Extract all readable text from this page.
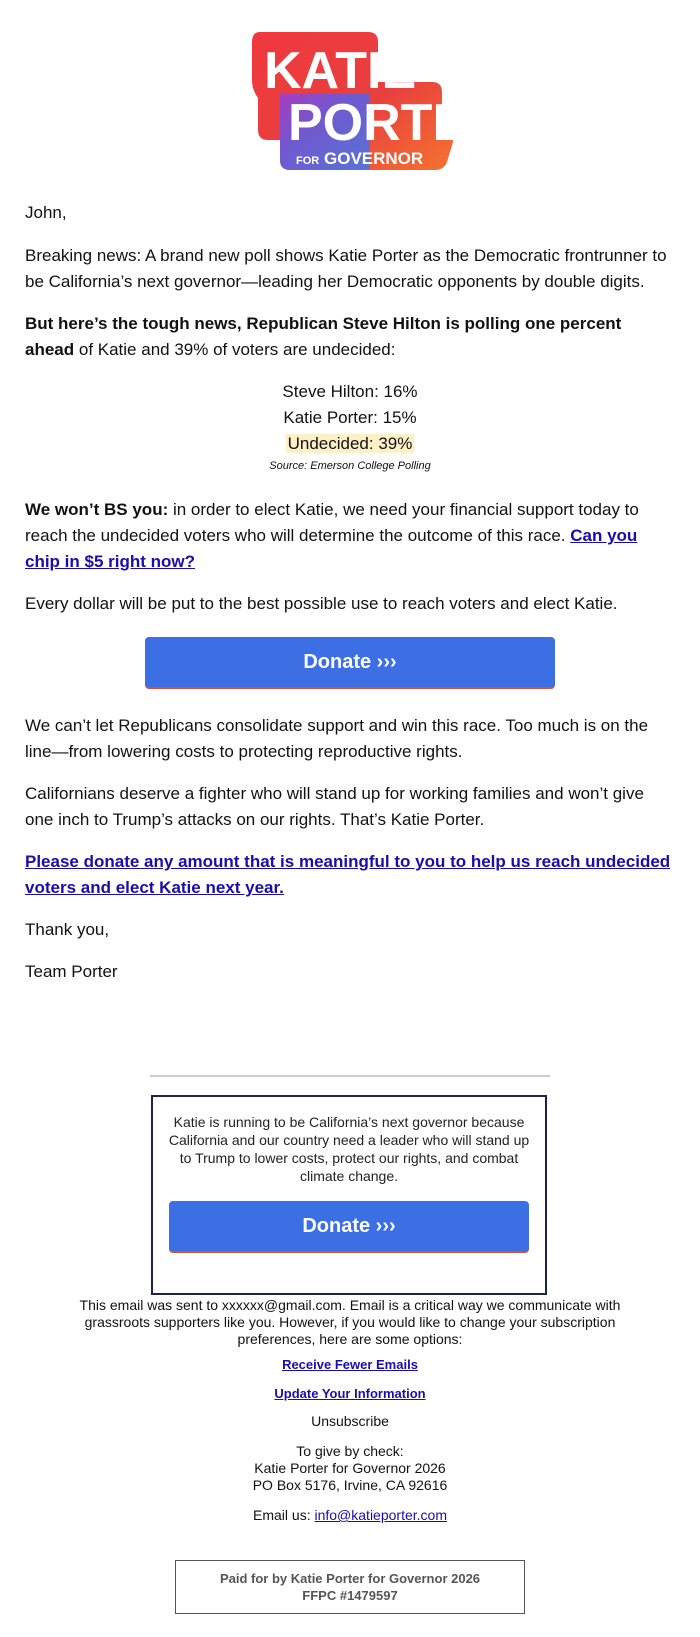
KATIE
PORTER
FOR GOVERNOR

John,

Breaking news: A brand new poll shows Katie Porter as the Democratic frontrunner to be California’s next governor—leading her Democratic opponents by double digits.

But here’s the tough news, Republican Steve Hilton is polling one percent ahead of Katie and 39% of voters are undecided:

Steve Hilton: 16%
Katie Porter: 15%
Undecided: 39%
Source: Emerson College Polling

We won’t BS you: in order to elect Katie, we need your financial support today to reach the undecided voters who will determine the outcome of this race. Can you chip in $5 right now?

Every dollar will be put to the best possible use to reach voters and elect Katie.

Donate ›››

We can’t let Republicans consolidate support and win this race. Too much is on the line—from lowering costs to protecting reproductive rights.

Californians deserve a fighter who will stand up for working families and won’t give one inch to Trump’s attacks on our rights. That’s Katie Porter.

Please donate any amount that is meaningful to you to help us reach undecided voters and elect Katie next year.

Thank you,

Team Porter

Katie is running to be California’s next governor because California and our country need a leader who will stand up to Trump to lower costs, protect our rights, and combat climate change.
Donate ›››
This email was sent to xxxxxx@gmail.com. Email is a critical way we communicate with grassroots supporters like you. However, if you would like to change your subscription preferences, here are some options:
Receive Fewer Emails
Update Your Information
Unsubscribe
To give by check:
Katie Porter for Governor 2026
PO Box 5176, Irvine, CA 92616
Email us: info@katieporter.com
Paid for by Katie Porter for Governor 2026
FFPC #1479597
